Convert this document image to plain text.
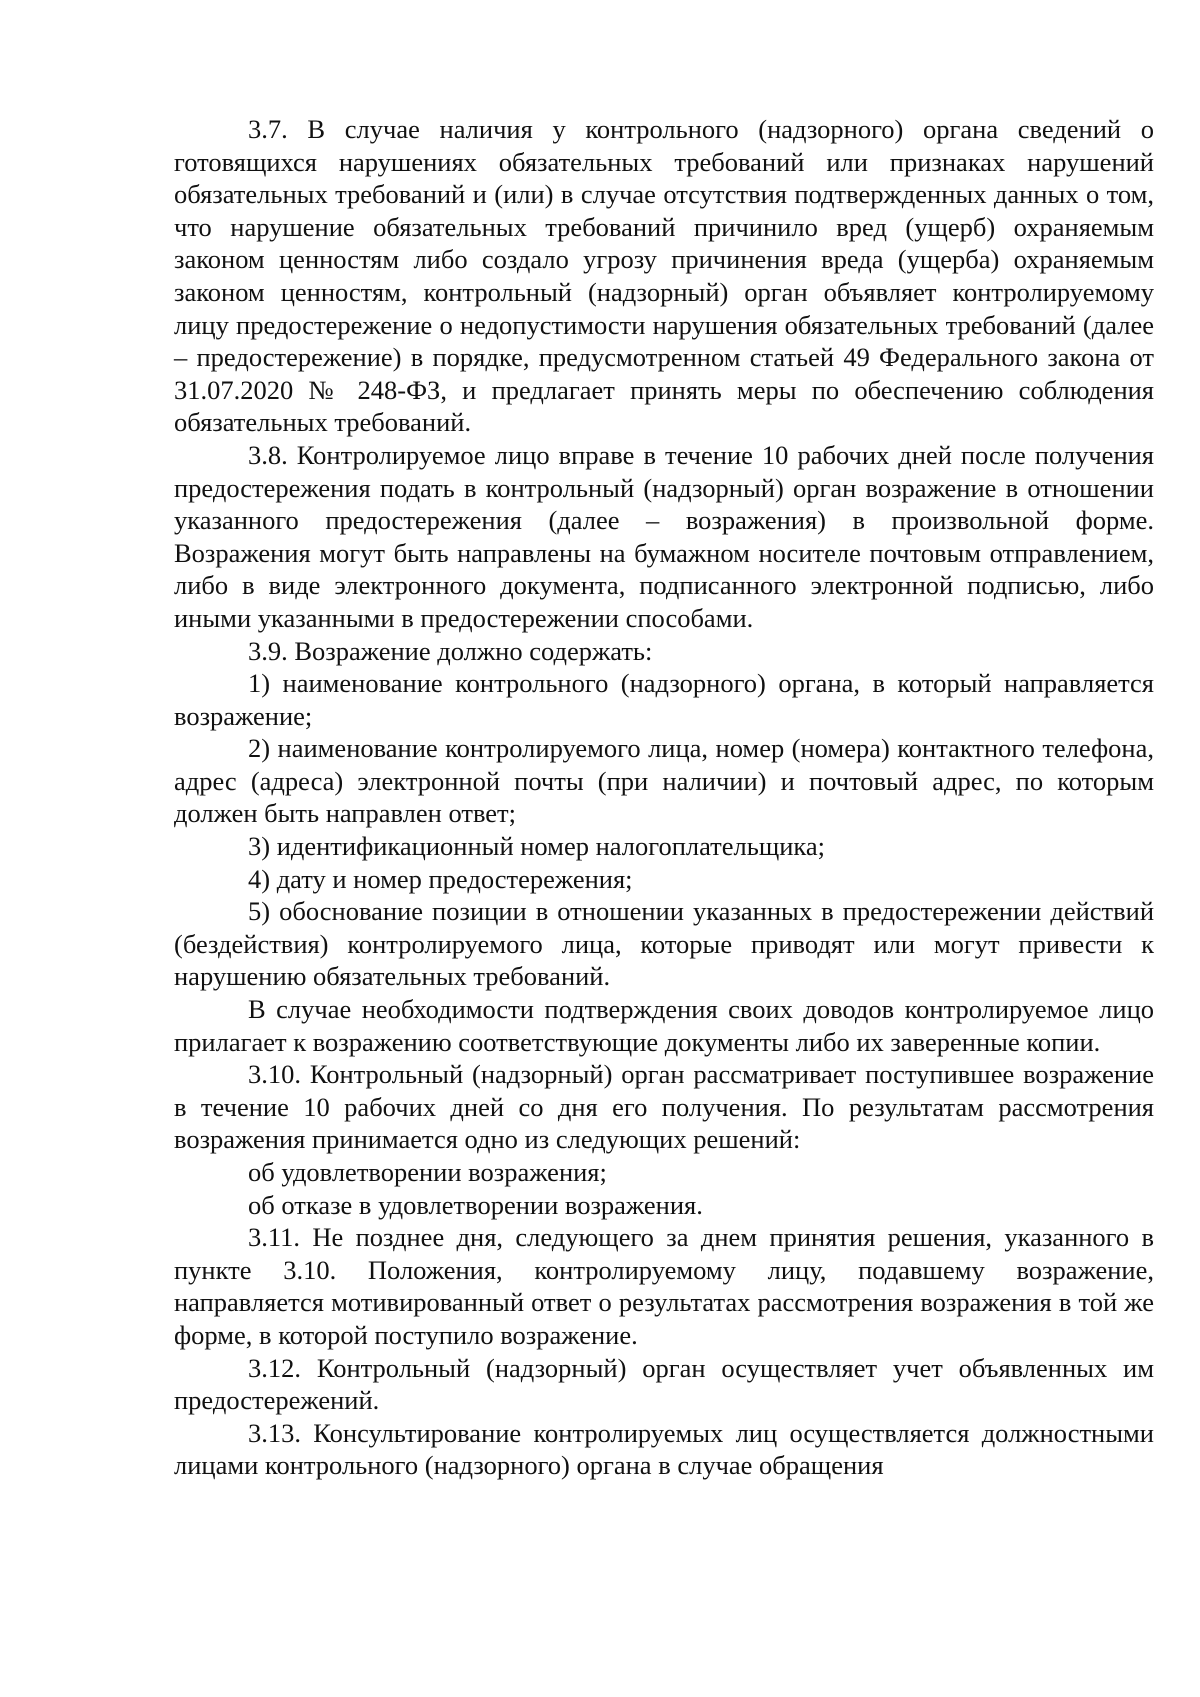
3.7. В случае наличия у контрольного (надзорного) органа сведений о готовящихся нарушениях обязательных требований или признаках нарушений обязательных требований и (или) в случае отсутствия подтвержденных данных о том, что нарушение обязательных требований причинило вред (ущерб) охраняемым законом ценностям либо создало угрозу причинения вреда (ущерба) охраняемым законом ценностям, контрольный (надзорный) орган объявляет контролируемому лицу предостережение о недопустимости нарушения обязательных требований (далее – предостережение) в порядке, предусмотренном статьей 49 Федерального закона от 31.07.2020 № 248-ФЗ, и предлагает принять меры по обеспечению соблюдения обязательных требований.

3.8. Контролируемое лицо вправе в течение 10 рабочих дней после получения предостережения подать в контрольный (надзорный) орган возражение в отношении указанного предостережения (далее – возражения) в произвольной форме. Возражения могут быть направлены на бумажном носителе почтовым отправлением, либо в виде электронного документа, подписанного электронной подписью, либо иными указанными в предостережении способами.

3.9. Возражение должно содержать:

1) наименование контрольного (надзорного) органа, в который направляется возражение;

2) наименование контролируемого лица, номер (номера) контактного телефона, адрес (адреса) электронной почты (при наличии) и почтовый адрес, по которым должен быть направлен ответ;

3) идентификационный номер налогоплательщика;

4) дату и номер предостережения;

5) обоснование позиции в отношении указанных в предостережении действий (бездействия) контролируемого лица, которые приводят или могут привести к нарушению обязательных требований.

В случае необходимости подтверждения своих доводов контролируемое лицо прилагает к возражению соответствующие документы либо их заверенные копии.

3.10. Контрольный (надзорный) орган рассматривает поступившее возражение в течение 10 рабочих дней со дня его получения. По результатам рассмотрения возражения принимается одно из следующих решений:

об удовлетворении возражения;

об отказе в удовлетворении возражения.

3.11. Не позднее дня, следующего за днем принятия решения, указанного в пункте 3.10. Положения, контролируемому лицу, подавшему возражение, направляется мотивированный ответ о результатах рассмотрения возражения в той же форме, в которой поступило возражение.

3.12. Контрольный (надзорный) орган осуществляет учет объявленных им предостережений.

3.13. Консультирование контролируемых лиц осуществляется должностными лицами контрольного (надзорного) органа в случае обращения
